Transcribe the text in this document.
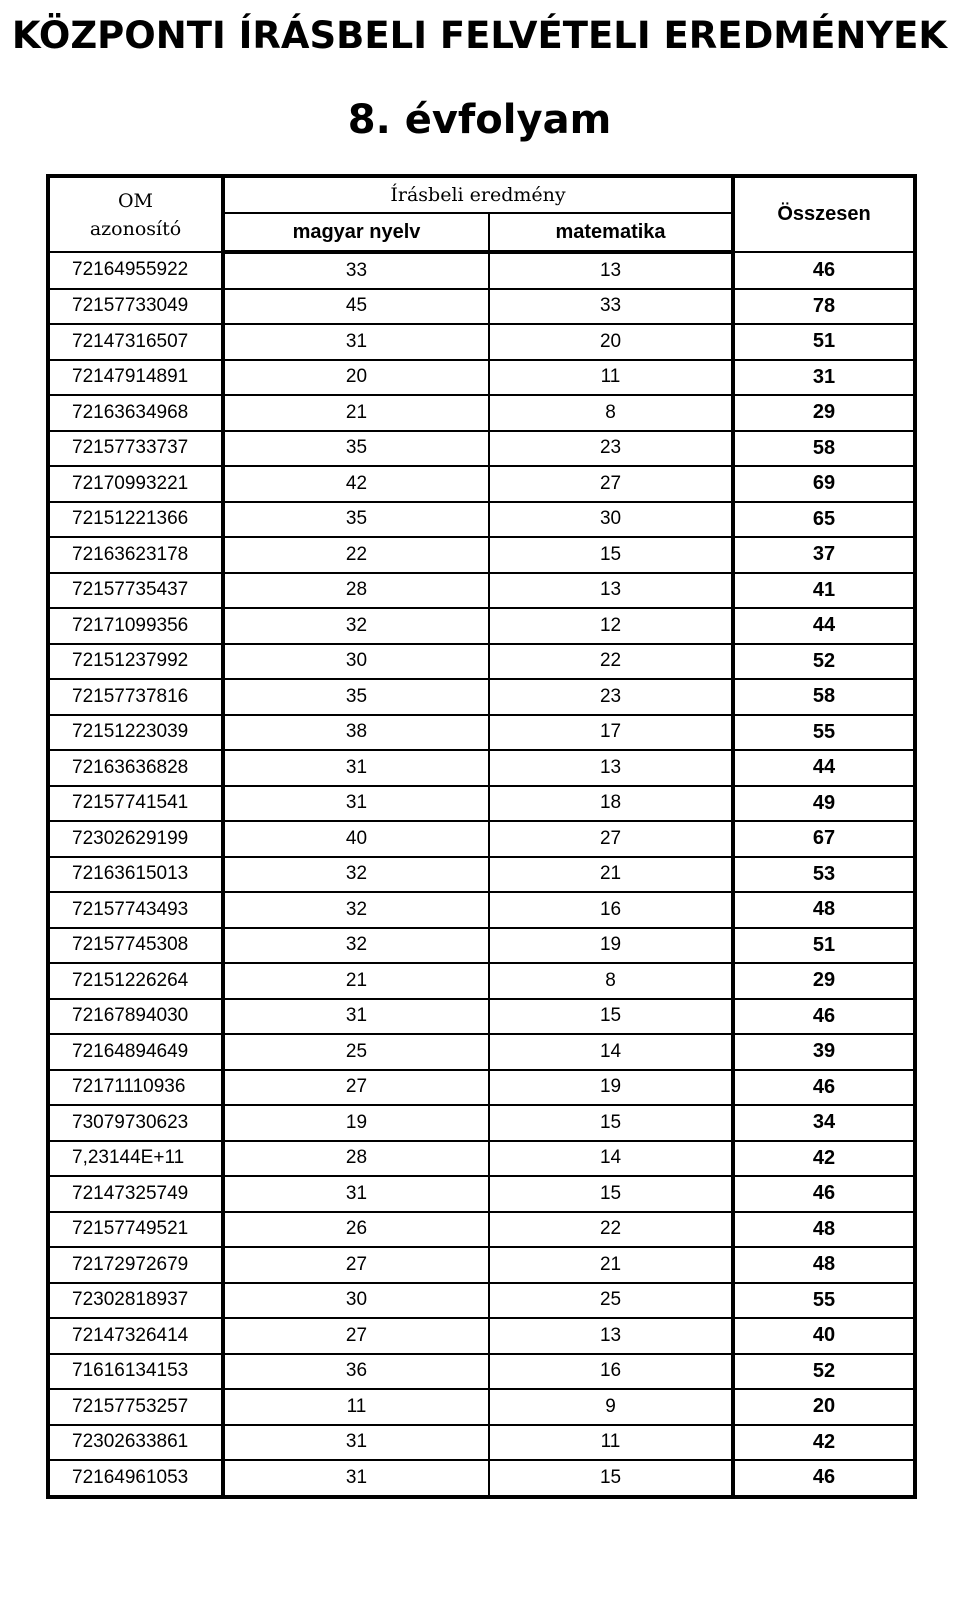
KÖZPONTI ÍRÁSBELI FELVÉTELI EREDMÉNYEK
8. évfolyam
OM
azonosító	Írásbeli eredmény		Összesen
	magyar nyelv	matematika	
72164955922	33	13	46
72157733049	45	33	78
72147316507	31	20	51
72147914891	20	11	31
72163634968	21	8	29
72157733737	35	23	58
72170993221	42	27	69
72151221366	35	30	65
72163623178	22	15	37
72157735437	28	13	41
72171099356	32	12	44
72151237992	30	22	52
72157737816	35	23	58
72151223039	38	17	55
72163636828	31	13	44
72157741541	31	18	49
72302629199	40	27	67
72163615013	32	21	53
72157743493	32	16	48
72157745308	32	19	51
72151226264	21	8	29
72167894030	31	15	46
72164894649	25	14	39
72171110936	27	19	46
73079730623	19	15	34
7,23144E+11	28	14	42
72147325749	31	15	46
72157749521	26	22	48
72172972679	27	21	48
72302818937	30	25	55
72147326414	27	13	40
71616134153	36	16	52
72157753257	11	9	20
72302633861	31	11	42
72164961053	31	15	46
